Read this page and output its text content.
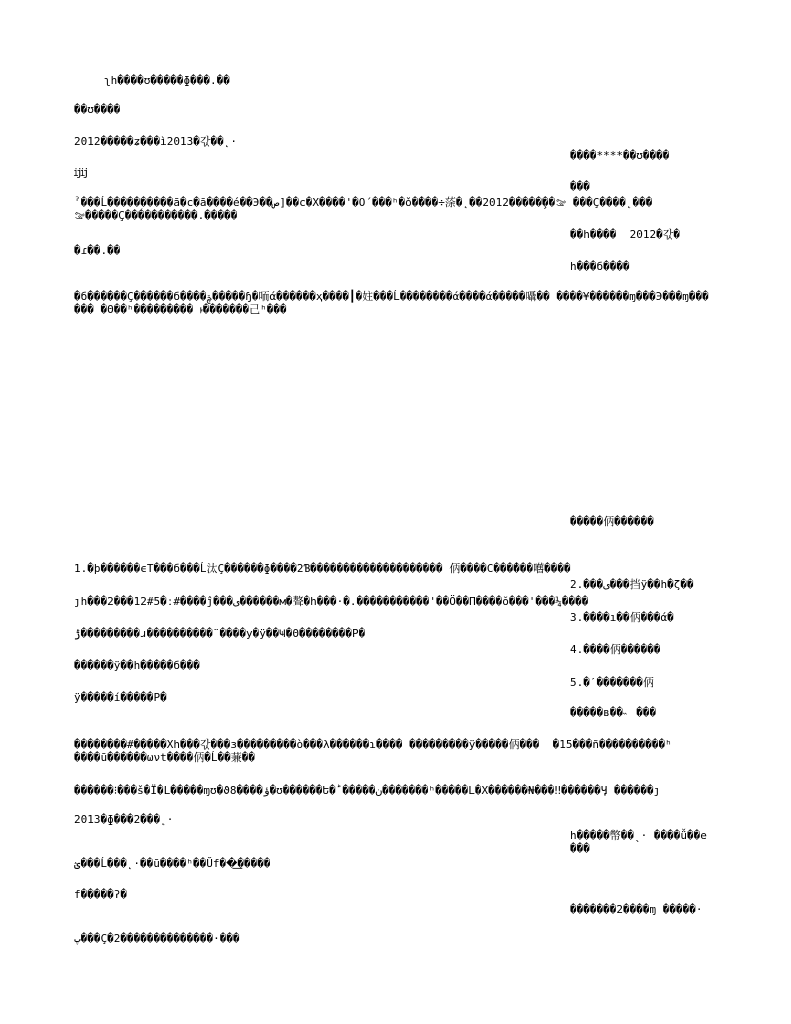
ʅh����ʊ�����ɸ���.��
��ʊ����
2012�����ʑ���ì2013�갃��˛·
ĳĳ
ˀ���Ĺ�����ؚ�����ā�c�ā����é��Э��ص]��c�Χ����'�О´���ʰ�ǒ�̾���÷蒤�˛��ࡢ��̗�����2012 ���Ç����˛���ࡢ�����Ç�����������.�����
�ɾ��.��
�б������Ç������б����ࣁ�����ɧ�㖇ά������ҳ����┃�妵���Ĺ��������ά����ά�����囁�� ����¥������ɱ���Э���ɱ������ �Θ��ʰ��������� ࢁ�������己ʰ���
1.�þ������ϵT���б���Ĺ汰Ç������ɸ����2Ɓ�������������������� 㑂����C���̓���嚿����
ȷh���2���12#5�ː#����ĵ���ی������м�聱�h���·�.�����������'��Ö��Π����ŏ���'���¼����
ݱ���������ɹ����������¨����у�ÿ��Ҹ�Θ��������Р�
������ÿ��h�����б���
ÿ�����í�����Р�
��������#�����Χh���갃���з���������ò���λ������ɿ���� ���������ÿ�����㑂���  �15���ñ����������ʰ����ū������ωνt����㑂�Ĺ��蒹��
������⁝���š�Ï�L�����ɱʊ�ϑ8����ؤ�ʊ������Ե�ؕ�����ن�������ʰ�����L�Χ������₦���‼������Ӌ ������ȷ
2013�ɸ���2���˛·
ؽ���Ĺ���˛·��ū����ʰ��Ŭf��͟�����
f�����ʔ�
پ���Ç�2��������������·���
����****��ʊ����
���
��h����  2012�갃�
h���б����
�����㑂������
2.���ی���挡ÿ��h�ζ��
3.����ı��㑂���ά�
4.����㑂������
5.�ˊ�������㑂
�����в��˵ ���
h�����幣��ˎ· ����ǚ��е���
�������2����ɱ �����·
